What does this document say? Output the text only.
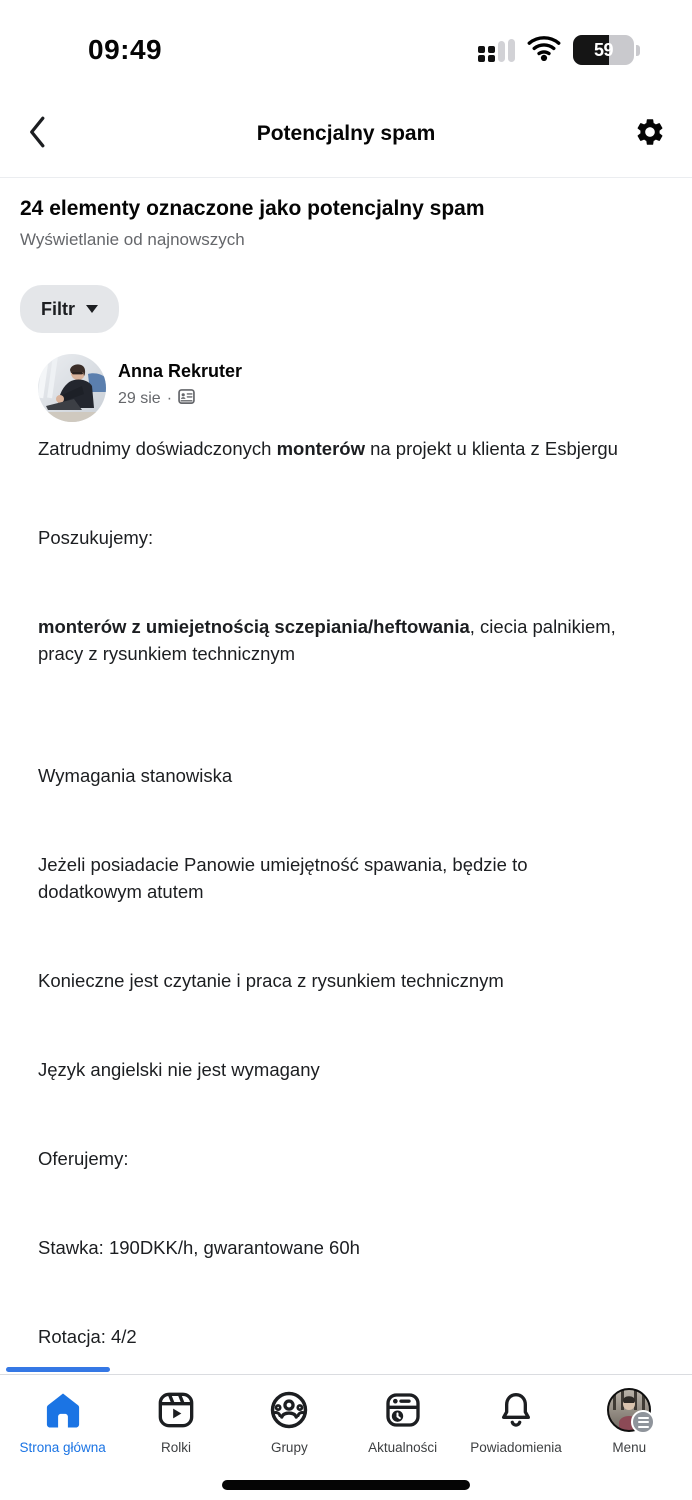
09:49	59
Potencjalny spam
24 elementy oznaczone jako potencjalny spam
Wyświetlanie od najnowszych
Filtr
Anna Rekruter
29 sie ·

Zatrudnimy doświadczonych monterów na projekt u klienta z Esbjergu

Poszukujemy:

monterów z umiejetnością sczepiania/heftowania, ciecia palnikiem, pracy z rysunkiem technicznym

Wymagania stanowiska

Jeżeli posiadacie Panowie umiejętność spawania, będzie to dodatkowym atutem

Konieczne jest czytanie i praca z rysunkiem technicznym

Język angielski nie jest wymagany

Oferujemy:

Stawka: 190DKK/h, gwarantowane 60h

Rotacja: 4/2

Strona główna	Rolki	Grupy	Aktualności Powiadomienia	Menu
